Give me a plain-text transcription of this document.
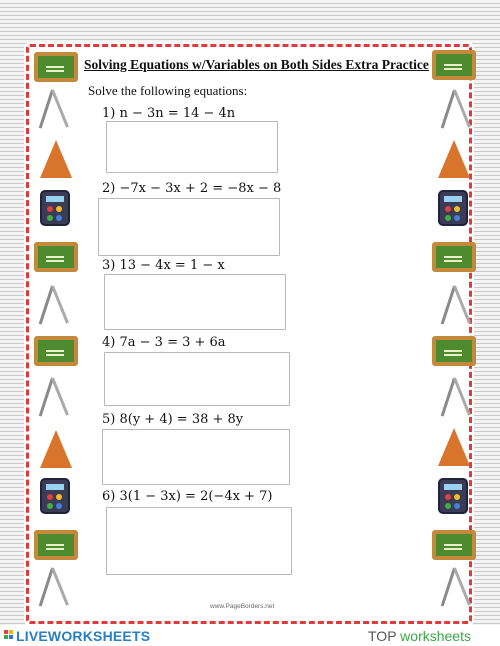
Solving Equations w/Variables on Both Sides Extra Practice
Solve the following equations:
1) n − 3n = 14 − 4n
2) −7x − 3x + 2 = −8x − 8
3) 13 − 4x = 1 − x
4) 7a − 3 = 3 + 6a
5) 8(y + 4) = 38 + 8y
6) 3(1 − 3x) = 2(−4x + 7)
www.PageBorders.net
LIVEWORKSHEETS	TOP worksheets
